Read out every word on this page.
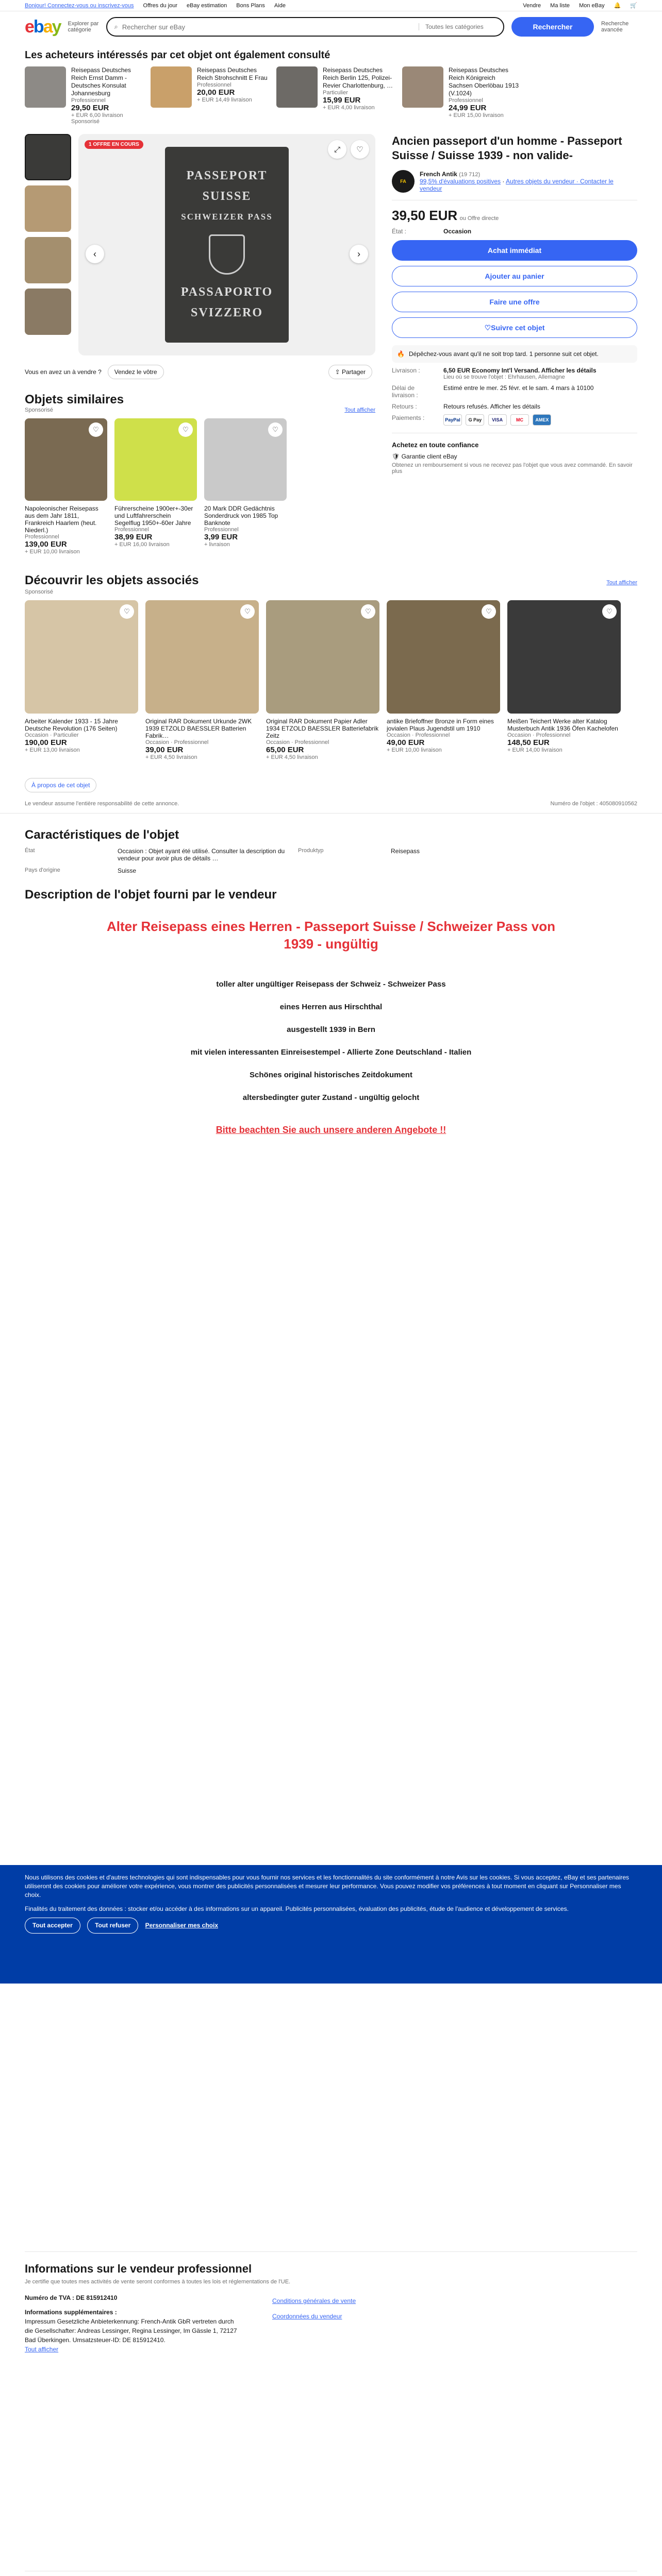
Bonjour! Connectez-vous ou inscrivez-vous Offres du jour eBay estimation Bons Plans Aide	Vendre Ma liste Mon eBay 🔔 🛒
ebay Explorer par catégorie	⌕ Rechercher sur eBay	Toutes les catégories	Rechercher	Recherche avancée
Les acheteurs intéressés par cet objet ont également consulté
Reisepass Deutsches Reich Ernst Damm - Deutsches Konsulat Johannesburg
Professionnel
29,50 EUR
+ EUR 6,00 livraison
Sponsorisé
Reisepass Deutsches Reich Strohschnitt E Frau
Professionnel
20,00 EUR
+ EUR 14,49 livraison
Reisepass Deutsches Reich Berlin 125, Polizei-Revier Charlottenburg, …
Particulier
15,99 EUR
+ EUR 4,00 livraison
Reisepass Deutsches Reich Königreich Sachsen Oberlöbau 1913 (V.1024)
Professionnel
24,99 EUR
+ EUR 15,00 livraison
1 OFFRE EN COURS
⤢	♡
PASSEPORT
SUISSE
SCHWEIZER PASS
PASSAPORTO
SVIZZERO
‹	›
Vous en avez un à vendre ?	Vendez le vôtre	⇪ Partager
Objets similaires
Sponsorisé	Tout afficher
♡
Napoleonischer Reisepass aus dem Jahr 1811, Frankreich Haarlem (heut. Niederl.)
Professionnel
139,00 EUR
+ EUR 10,00 livraison
♡
Führerscheine 1900er+-30er und Luftfahrerschein Segelflug 1950+-60er Jahre
Professionnel
38,99 EUR
+ EUR 16,00 livraison
♡
20 Mark DDR Gedächtnis Sonderdruck von 1985 Top Banknote
Professionnel
3,99 EUR
+ livraison
Ancien passeport d'un homme - Passeport Suisse / Suisse 1939 - non valide-
FA
French Antik (19 712)
99,5% d'évaluations positives · Autres objets du vendeur · Contacter le vendeur
39,50 EUR ou Offre directe
État :	Occasion
Achat immédiat
Ajouter au panier
Faire une offre
♡ Suivre cet objet
🔥 Dépêchez-vous avant qu'il ne soit trop tard. 1 personne suit cet objet.
Livraison :	6,50 EUR Economy Int'l Versand. Afficher les détails
Lieu où se trouve l'objet : Ehrhausen, Allemagne
Délai de livraison :
Estimé entre le mer. 25 févr. et le sam. 4 mars à 10100
Retours :	Retours refusés. Afficher les détails
Paiements :	PayPal G Pay VISA	MC	AMEX
Achetez en toute confiance
🛡 Garantie client eBay
Obtenez un remboursement si vous ne recevez pas l'objet que vous avez commandé. En savoir plus
Découvrir les objets associés	Tout afficher
Sponsorisé
♡
Arbeiter Kalender 1933 - 15 Jahre Deutsche Revolution (176 Seiten)
Occasion · Particulier
190,00 EUR
+ EUR 13,00 livraison
♡
Original RAR Dokument Urkunde 2WK 1939 ETZOLD BAESSLER Batterien Fabrik…
Occasion · Professionnel
39,00 EUR
+ EUR 4,50 livraison
♡
Original RAR Dokument Papier Adler 1934 ETZOLD BAESSLER Batteriefabrik Zeitz
Occasion · Professionnel
65,00 EUR
+ EUR 4,50 livraison
♡
antike Briefoffner Bronze in Form eines jovialen Plaus Jugendstil um 1910
Occasion · Professionnel
49,00 EUR
+ EUR 10,00 livraison
♡
Meißen Teichert Werke alter Katalog Musterbuch Antik 1936 Öfen Kachelofen
Occasion · Professionnel
148,50 EUR
+ EUR 14,00 livraison
À propos de cet objet
Le vendeur assume l'entière responsabilité de cette annonce.	Numéro de l'objet : 405080910562
Caractéristiques de l'objet
État	Occasion : Objet ayant été utilisé. Consulter la description du vendeur pour avoir plus de détails …
Produktyp	Reisepass
Pays d'origine	Suisse
Description de l'objet fourni par le vendeur
Alter Reisepass eines Herren - Passeport Suisse / Schweizer Pass von 1939 - ungültig
toller alter ungültiger Reisepass der Schweiz - Schweizer Pass
eines Herren aus Hirschthal
ausgestellt 1939 in Bern
mit vielen interessanten Einreisestempel - Allierte Zone Deutschland - Italien
Schönes original historisches Zeitdokument
altersbedingter guter Zustand - ungültig gelocht
Bitte beachten Sie auch unsere anderen Angebote !!
Nous utilisons des cookies et d'autres technologies qui sont indispensables pour vous fournir nos services et les fonctionnalités du site conformément à notre Avis sur les cookies. Si vous acceptez, eBay et ses partenaires utiliseront des cookies pour améliorer votre expérience, vous montrer des publicités personnalisées et mesurer leur performance. Vous pouvez modifier vos préférences à tout moment en cliquant sur Personnaliser mes choix.
Finalités du traitement des données : stocker et/ou accéder à des informations sur un appareil. Publicités personnalisées, évaluation des publicités, étude de l'audience et développement de services.
Tout accepter	Tout refuser Personnaliser mes choix
Informations sur le vendeur professionnel
Je certifie que toutes mes activités de vente seront conformes à toutes les lois et réglementations de l'UE.
Numéro de TVA : DE 815912410
Informations supplémentaires :
Impressum Gesetzliche Anbieterkennung: French-Antik GbR vertreten durch die Gesellschafter: Andreas Lessinger, Regina Lessinger, Im Gässle 1, 72127 Bad Überkingen. Umsatzsteuer-ID: DE 815912410.
Tout afficher
Conditions générales de vente
Coordonnées du vendeur
